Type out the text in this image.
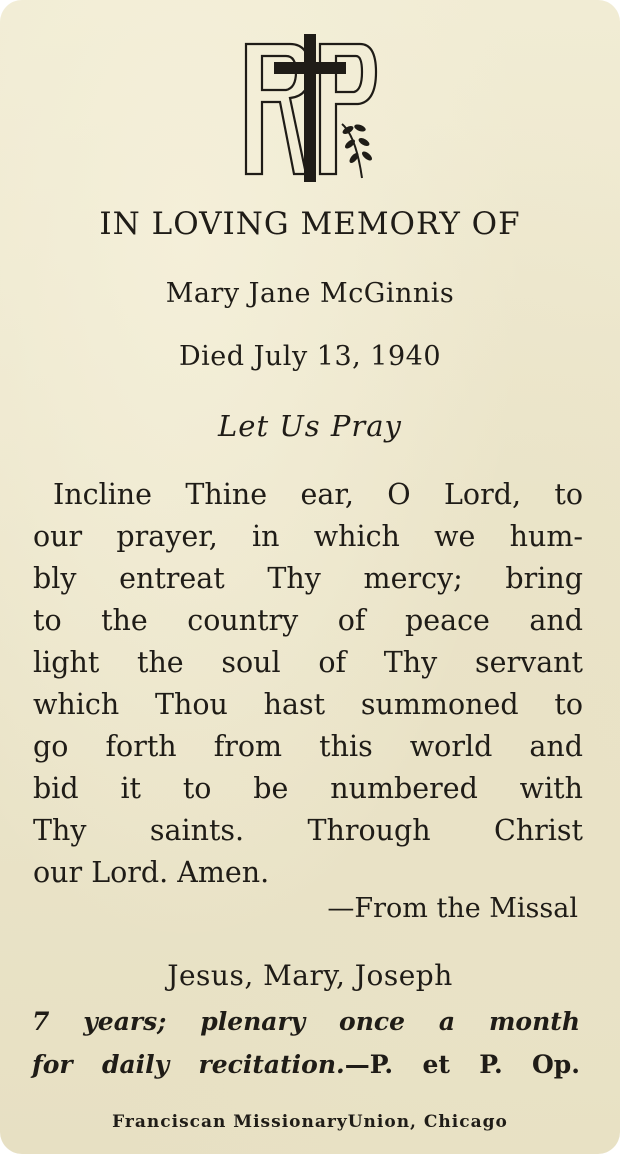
IN LOVING MEMORY OF
Mary Jane McGinnis
Died July 13, 1940
Let Us Pray
Incline Thine ear, O Lord, to
our prayer, in which we hum-
bly entreat Thy mercy; bring
to the country of peace and
light the soul of Thy servant
which Thou hast summoned to
go forth from this world and
bid it to be numbered with
Thy saints. Through Christ
our Lord. Amen.
—From the Missal
Jesus, Mary, Joseph
7 years; plenary once a month
for daily recitation.—P. et P. Op.
Franciscan MissionaryUnion, Chicago
